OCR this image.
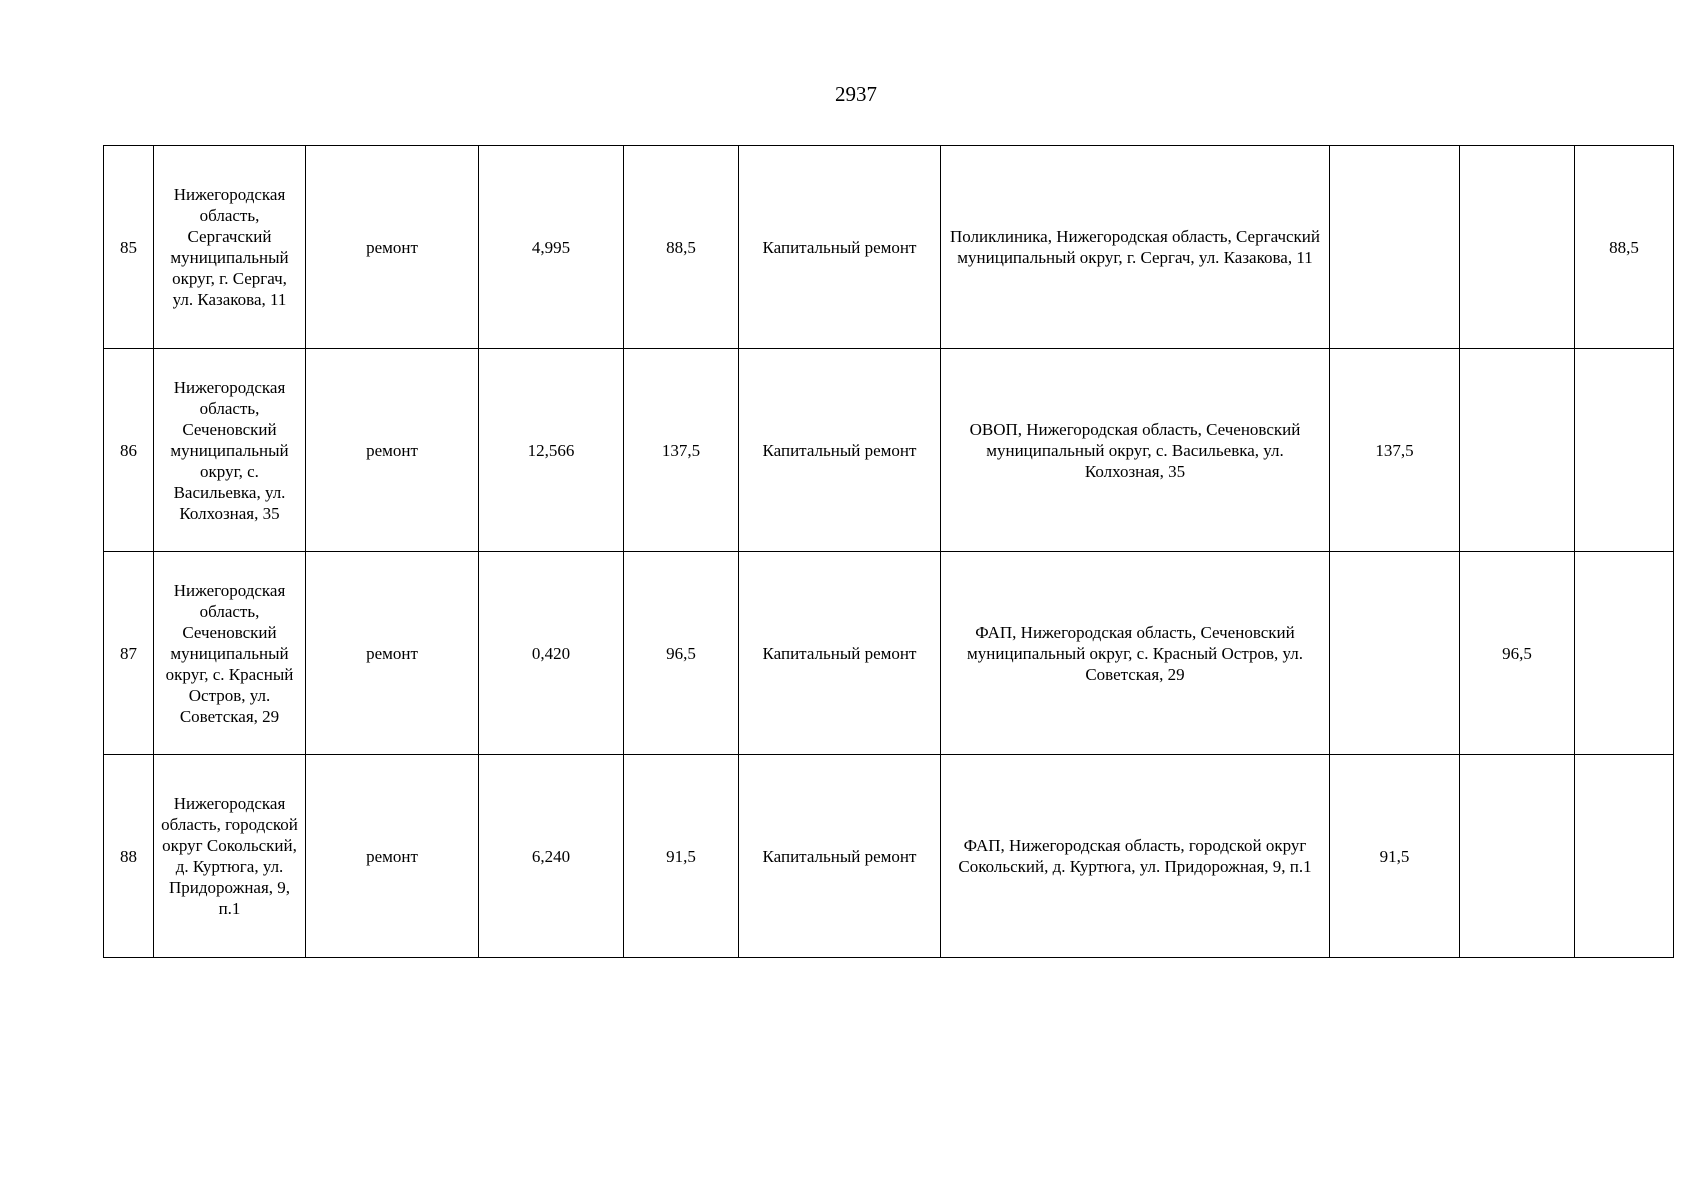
2937
85	Нижегородская область, Сергачский муниципальный округ, г. Сергач, ул. Казакова, 11	ремонт	4,995	88,5	Капитальный ремонт	Поликлиника, Нижегородская область, Сергачский муниципальный округ, г. Сергач, ул. Казакова, 11			88,5
86	Нижегородская область, Сеченовский муниципальный округ, с. Васильевка, ул. Колхозная, 35	ремонт	12,566	137,5	Капитальный ремонт	ОВОП, Нижегородская область, Сеченовский муниципальный округ, с. Васильевка, ул. Колхозная, 35	137,5		
87	Нижегородская область, Сеченовский муниципальный округ, с. Красный Остров, ул. Советская, 29	ремонт	0,420	96,5	Капитальный ремонт	ФАП, Нижегородская область, Сеченовский муниципальный округ, с. Красный Остров, ул. Советская, 29		96,5	
88	Нижегородская область, городской округ Сокольский, д. Куртюга, ул. Придорожная, 9, п.1	ремонт	6,240	91,5	Капитальный ремонт	ФАП, Нижегородская область, городской округ Сокольский, д. Куртюга, ул. Придорожная, 9, п.1	91,5		
